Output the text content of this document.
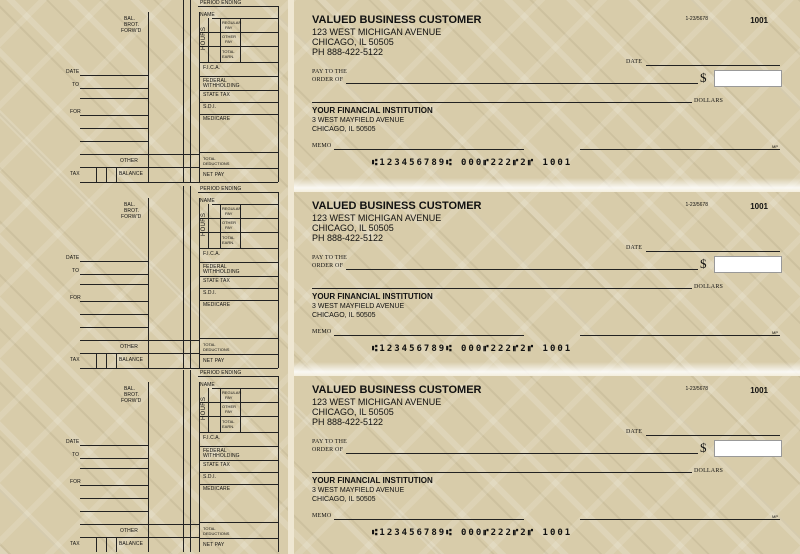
PERIOD ENDING
NAME
BAL.
BROT.
FORW'D	HOURS
REGULAR
PAY
OTHER
PAY
TOTAL
EARN.
F.I.C.A.
FEDERAL
WITHHOLDING
STATE TAX
S.D.I.
MEDICARE
TOTAL
DEDUCTIONS
NET PAY
DATE
TO
FOR
OTHER
TAX	BALANCE
VALUED BUSINESS CUSTOMER
123 WEST MICHIGAN AVENUE
CHICAGO, IL 50505
PH 888-422-5122
1-23/5678	1001
DATE
PAY TO THE
ORDER OF	$
DOLLARS
YOUR FINANCIAL INSTITUTION
3 WEST MAYFIELD AVENUE
CHICAGO, IL 50505
MEMO	MP
⑆123456789⑆ 000⑈222⑈2⑈ 1001
PERIOD ENDING
NAME
BAL.
BROT.
FORW'D	HOURS
REGULAR
PAY
OTHER
PAY
TOTAL
EARN.
F.I.C.A.
FEDERAL
WITHHOLDING
STATE TAX
S.D.I.
MEDICARE
TOTAL
DEDUCTIONS
NET PAY
DATE
TO
FOR
OTHER
TAX	BALANCE
VALUED BUSINESS CUSTOMER
123 WEST MICHIGAN AVENUE
CHICAGO, IL 50505
PH 888-422-5122
1-23/5678	1001
DATE
PAY TO THE
ORDER OF	$
DOLLARS
YOUR FINANCIAL INSTITUTION
3 WEST MAYFIELD AVENUE
CHICAGO, IL 50505
MEMO	MP
⑆123456789⑆ 000⑈222⑈2⑈ 1001
PERIOD ENDING
NAME
BAL.
BROT.
FORW'D	HOURS
REGULAR
PAY
OTHER
PAY
TOTAL
EARN.
F.I.C.A.
FEDERAL
WITHHOLDING
STATE TAX
S.D.I.
MEDICARE
TOTAL
DEDUCTIONS
NET PAY
DATE
TO
FOR
OTHER
TAX	BALANCE
VALUED BUSINESS CUSTOMER
123 WEST MICHIGAN AVENUE
CHICAGO, IL 50505
PH 888-422-5122
1-23/5678	1001
DATE
PAY TO THE
ORDER OF	$
DOLLARS
YOUR FINANCIAL INSTITUTION
3 WEST MAYFIELD AVENUE
CHICAGO, IL 50505
MEMO	MP
⑆123456789⑆ 000⑈222⑈2⑈ 1001
